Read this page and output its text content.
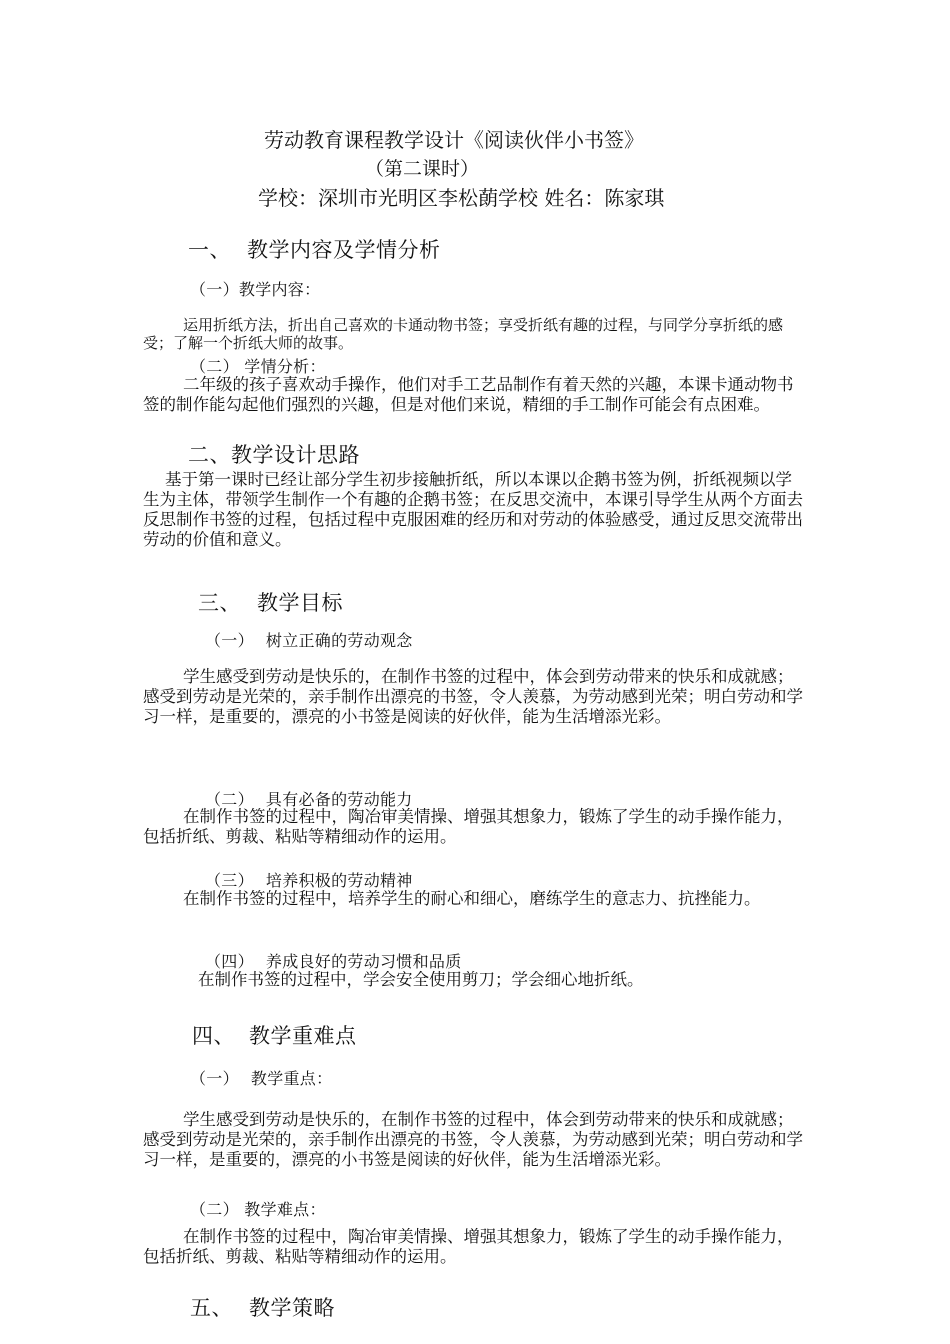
劳动教育课程教学设计《阅读伙伴小书签》
（第二课时）
学校：深圳市光明区李松蓢学校 姓名：陈家琪
一、 教学内容及学情分析
（一）教学内容：
运用折纸方法，折出自己喜欢的卡通动物书签；享受折纸有趣的过程，与同学分享折纸的感受；了解一个折纸大师的故事。
（二） 学情分析：
二年级的孩子喜欢动手操作，他们对手工艺品制作有着天然的兴趣，本课卡通动物书签的制作能勾起他们强烈的兴趣，但是对他们来说，精细的手工制作可能会有点困难。
二、教学设计思路
基于第一课时已经让部分学生初步接触折纸，所以本课以企鹅书签为例，折纸视频以学生为主体，带领学生制作一个有趣的企鹅书签；在反思交流中，本课引导学生从两个方面去反思制作书签的过程，包括过程中克服困难的经历和对劳动的体验感受，通过反思交流带出劳动的价值和意义。
三、 教学目标
（一） 树立正确的劳动观念
学生感受到劳动是快乐的，在制作书签的过程中，体会到劳动带来的快乐和成就感；感受到劳动是光荣的，亲手制作出漂亮的书签，令人羡慕，为劳动感到光荣；明白劳动和学习一样，是重要的，漂亮的小书签是阅读的好伙伴，能为生活增添光彩。
（二） 具有必备的劳动能力
在制作书签的过程中，陶冶审美情操、增强其想象力，锻炼了学生的动手操作能力，包括折纸、剪裁、粘贴等精细动作的运用。
（三） 培养积极的劳动精神
在制作书签的过程中，培养学生的耐心和细心，磨练学生的意志力、抗挫能力。
（四） 养成良好的劳动习惯和品质
在制作书签的过程中，学会安全使用剪刀；学会细心地折纸。
四、 教学重难点
（一） 教学重点：
学生感受到劳动是快乐的，在制作书签的过程中，体会到劳动带来的快乐和成就感；感受到劳动是光荣的，亲手制作出漂亮的书签，令人羡慕，为劳动感到光荣；明白劳动和学习一样，是重要的，漂亮的小书签是阅读的好伙伴，能为生活增添光彩。
（二） 教学难点：
在制作书签的过程中，陶冶审美情操、增强其想象力，锻炼了学生的动手操作能力，包括折纸、剪裁、粘贴等精细动作的运用。
五、 教学策略
